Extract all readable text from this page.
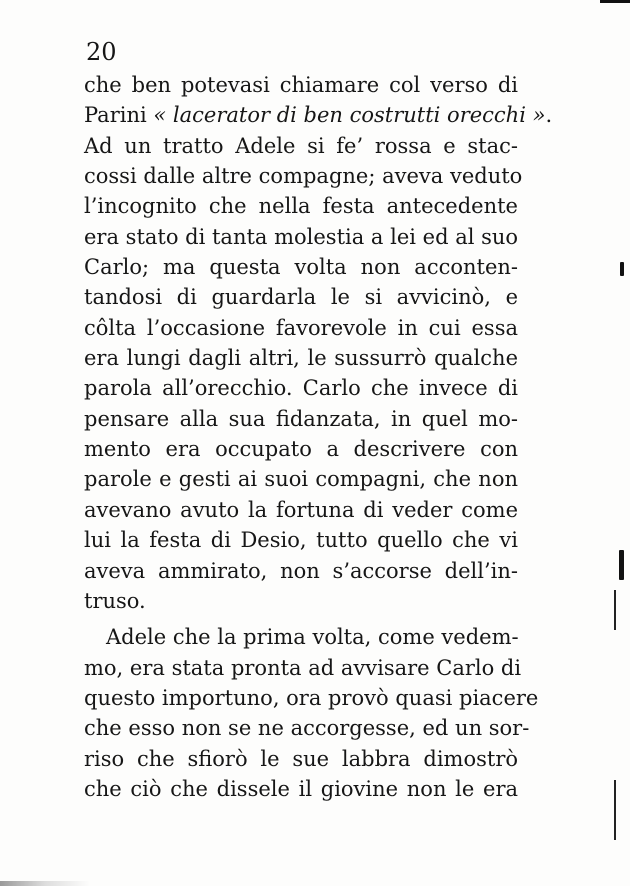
20
che ben potevasi chiamare col verso di
Parini « lacerator di ben costrutti orecchi ».
Ad un tratto Adele si fe’ rossa e stac-
cossi dalle altre compagne; aveva veduto
l’incognito che nella festa antecedente
era stato di tanta molestia a lei ed al suo
Carlo; ma questa volta non acconten-
tandosi di guardarla le si avvicinò, e
côlta l’occasione favorevole in cui essa
era lungi dagli altri, le sussurrò qualche
parola all’orecchio. Carlo che invece di
pensare alla sua fidanzata, in quel mo-
mento era occupato a descrivere con
parole e gesti ai suoi compagni, che non
avevano avuto la fortuna di veder come
lui la festa di Desio, tutto quello che vi
aveva ammirato, non s’accorse dell’in-
truso.
Adele che la prima volta, come vedem-
mo, era stata pronta ad avvisare Carlo di
questo importuno, ora provò quasi piacere
che esso non se ne accorgesse, ed un sor-
riso che sfiorò le sue labbra dimostrò
che ciò che dissele il giovine non le era
